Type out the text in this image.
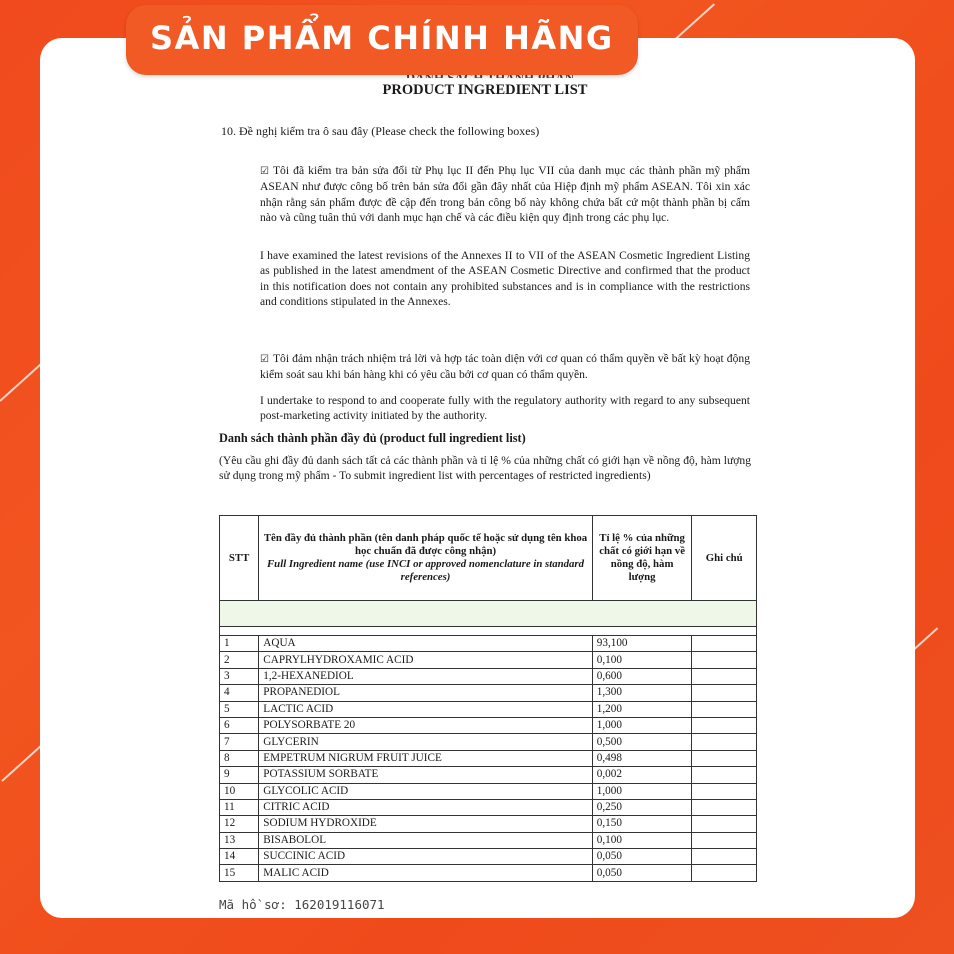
SẢN PHẨM CHÍNH HÃNG
PRODUCT INGREDIENT LIST
10. Đề nghị kiểm tra ô sau đây (Please check the following boxes)
☑ Tôi đã kiểm tra bản sửa đổi từ Phụ lục II đến Phụ lục VII của danh mục các thành phần mỹ phẩm ASEAN như được công bố trên bản sửa đổi gần đây nhất của Hiệp định mỹ phẩm ASEAN. Tôi xin xác nhận rằng sản phẩm được đề cập đến trong bản công bố này không chứa bất cứ một thành phần bị cấm nào và cũng tuân thủ với danh mục hạn chế và các điều kiện quy định trong các phụ lục.
I have examined the latest revisions of the Annexes II to VII of the ASEAN Cosmetic Ingredient Listing as published in the latest amendment of the ASEAN Cosmetic Directive and confirmed that the product in this notification does not contain any prohibited substances and is in compliance with the restrictions and conditions stipulated in the Annexes.
☑ Tôi đảm nhận trách nhiệm trả lời và hợp tác toàn diện với cơ quan có thẩm quyền về bất kỳ hoạt động kiểm soát sau khi bán hàng khi có yêu cầu bởi cơ quan có thẩm quyền.
I undertake to respond to and cooperate fully with the regulatory authority with regard to any subsequent post-marketing activity initiated by the authority.
Danh sách thành phần đầy đủ (product full ingredient list)
(Yêu cầu ghi đầy đủ danh sách tất cả các thành phần và tỉ lệ % của những chất có giới hạn về nồng độ, hàm lượng sử dụng trong mỹ phẩm - To submit ingredient list with percentages of restricted ingredients)
STT	Tên đầy đủ thành phần (tên danh pháp quốc tế hoặc sử dụng tên khoa học chuẩn đã được công nhận)
Full Ingredient name (use INCI or approved nomenclature in standard references)	Tỉ lệ % của những chất có giới hạn về nồng độ, hàm lượng	Ghi chú

1	AQUA	93,100	
2	CAPRYLHYDROXAMIC ACID	0,100	
3	1,2-HEXANEDIOL	0,600	
4	PROPANEDIOL	1,300	
5	LACTIC ACID	1,200	
6	POLYSORBATE 20	1,000	
7	GLYCERIN	0,500	
8	EMPETRUM NIGRUM FRUIT JUICE	0,498	
9	POTASSIUM SORBATE	0,002	
10	GLYCOLIC ACID	1,000	
11	CITRIC ACID	0,250	
12	SODIUM HYDROXIDE	0,150	
13	BISABOLOL	0,100	
14	SUCCINIC ACID	0,050	
15	MALIC ACID	0,050	
Mã hồ sơ: 162019116071
